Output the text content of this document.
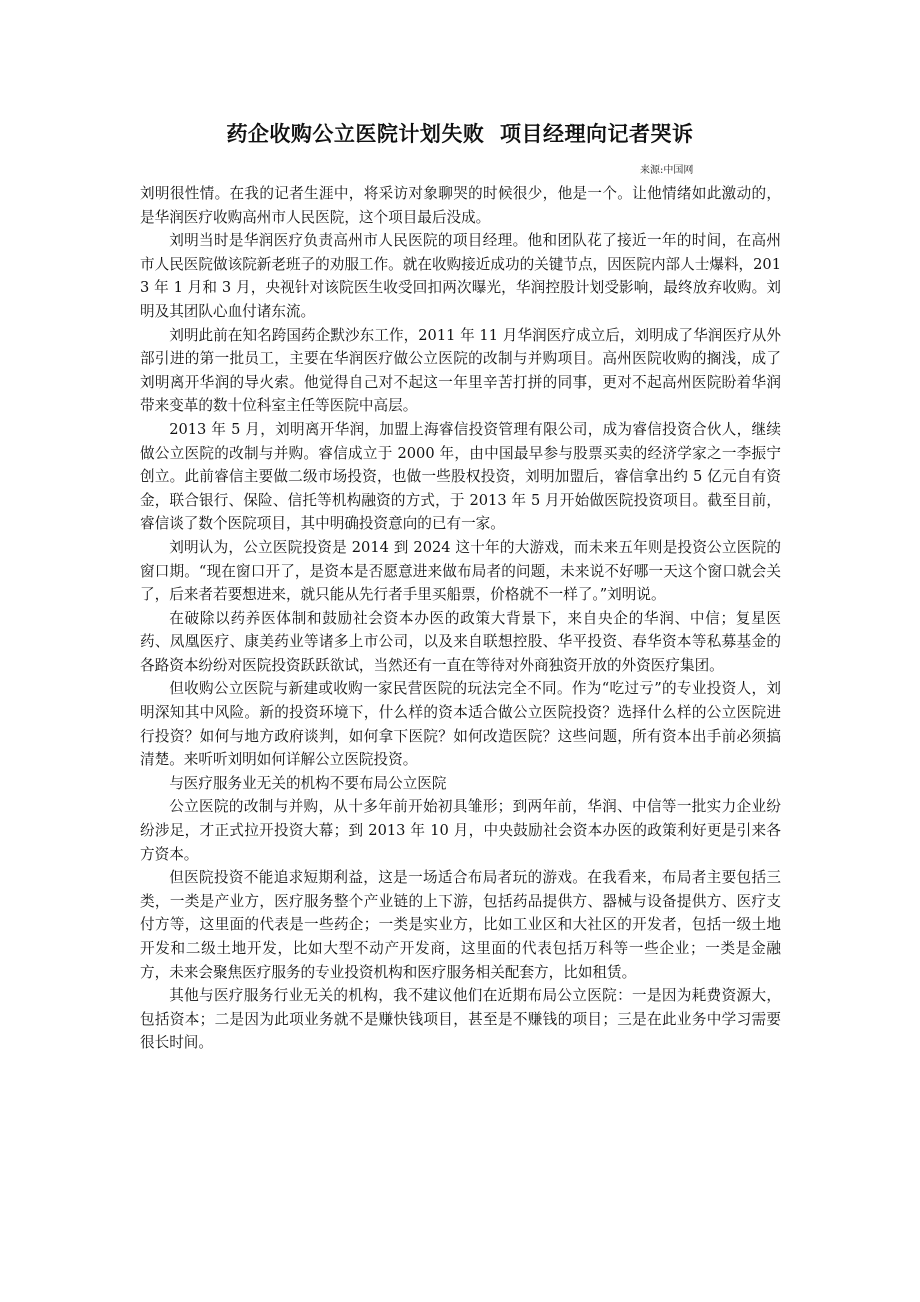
药企收购公立医院计划失败  项目经理向记者哭诉
来源:中国网

刘明很性情。在我的记者生涯中，将采访对象聊哭的时候很少，他是一个。让他情绪如此激动的，是华润医疗收购高州市人民医院，这个项目最后没成。

刘明当时是华润医疗负责高州市人民医院的项目经理。他和团队花了接近一年的时间，在高州市人民医院做该院新老班子的劝服工作。就在收购接近成功的关键节点，因医院内部人士爆料，2013 年 1 月和 3 月，央视针对该院医生收受回扣两次曝光，华润控股计划受影响，最终放弃收购。刘明及其团队心血付诸东流。

刘明此前在知名跨国药企默沙东工作，2011 年 11 月华润医疗成立后，刘明成了华润医疗从外部引进的第一批员工，主要在华润医疗做公立医院的改制与并购项目。高州医院收购的搁浅，成了刘明离开华润的导火索。他觉得自己对不起这一年里辛苦打拼的同事，更对不起高州医院盼着华润带来变革的数十位科室主任等医院中高层。

2013 年 5 月，刘明离开华润，加盟上海睿信投资管理有限公司，成为睿信投资合伙人，继续做公立医院的改制与并购。睿信成立于 2000 年，由中国最早参与股票买卖的经济学家之一李振宁创立。此前睿信主要做二级市场投资，也做一些股权投资，刘明加盟后，睿信拿出约 5 亿元自有资金，联合银行、保险、信托等机构融资的方式，于 2013 年 5 月开始做医院投资项目。截至目前，睿信谈了数个医院项目，其中明确投资意向的已有一家。

刘明认为，公立医院投资是 2014 到 2024 这十年的大游戏，而未来五年则是投资公立医院的窗口期。“现在窗口开了，是资本是否愿意进来做布局者的问题，未来说不好哪一天这个窗口就会关了，后来者若要想进来，就只能从先行者手里买船票，价格就不一样了。”刘明说。

在破除以药养医体制和鼓励社会资本办医的政策大背景下，来自央企的华润、中信；复星医药、凤凰医疗、康美药业等诸多上市公司，以及来自联想控股、华平投资、春华资本等私募基金的各路资本纷纷对医院投资跃跃欲试，当然还有一直在等待对外商独资开放的外资医疗集团。

但收购公立医院与新建或收购一家民营医院的玩法完全不同。作为“吃过亏”的专业投资人，刘明深知其中风险。新的投资环境下，什么样的资本适合做公立医院投资？选择什么样的公立医院进行投资？如何与地方政府谈判，如何拿下医院？如何改造医院？这些问题，所有资本出手前必须搞清楚。来听听刘明如何详解公立医院投资。

与医疗服务业无关的机构不要布局公立医院

公立医院的改制与并购，从十多年前开始初具雏形；到两年前，华润、中信等一批实力企业纷纷涉足，才正式拉开投资大幕；到 2013 年 10 月，中央鼓励社会资本办医的政策利好更是引来各方资本。

但医院投资不能追求短期利益，这是一场适合布局者玩的游戏。在我看来，布局者主要包括三类，一类是产业方，医疗服务整个产业链的上下游，包括药品提供方、器械与设备提供方、医疗支付方等，这里面的代表是一些药企；一类是实业方，比如工业区和大社区的开发者，包括一级土地开发和二级土地开发，比如大型不动产开发商，这里面的代表包括万科等一些企业；一类是金融方，未来会聚焦医疗服务的专业投资机构和医疗服务相关配套方，比如租赁。

其他与医疗服务行业无关的机构，我不建议他们在近期布局公立医院：一是因为耗费资源大，包括资本；二是因为此项业务就不是赚快钱项目，甚至是不赚钱的项目；三是在此业务中学习需要很长时间。
